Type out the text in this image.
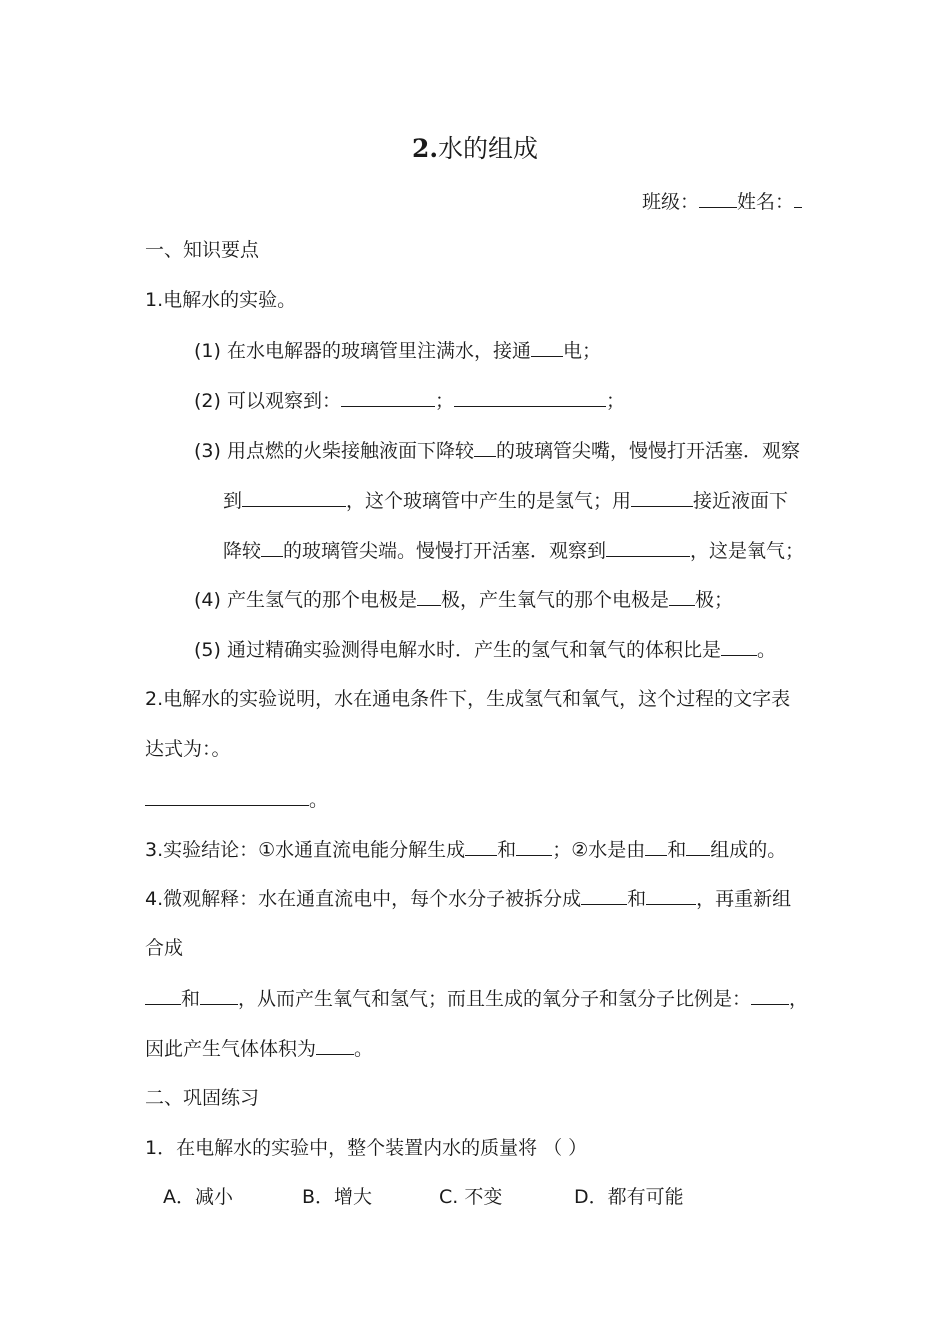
2.水的组成
班级： 姓名：
一、知识要点
1.电解水的实验。
(1) 在水电解器的玻璃管里注满水，接通 电；
(2) 可以观察到：	；	；
(3) 用点燃的火柴接触液面下降较 的玻璃管尖嘴，慢慢打开活塞．观察
到	，这个玻璃管中产生的是氢气；用	接近液面下
降较 的玻璃管尖端。慢慢打开活塞．观察到	，这是氧气；
(4) 产生氢气的那个电极是 极，产生氧气的那个电极是 极；
(5) 通过精确实验测得电解水时．产生的氢气和氧气的体积比是 。
2.电解水的实验说明，水在通电条件下，生成氢气和氧气，这个过程的文字表
达式为：。
。
3.实验结论：①水通直流电能分解生成 和 ；②水是由 和 组成的。
4.微观解释：水在通直流电中，每个水分子被拆分成 和	，再重新组
合成
和 ，从而产生氧气和氢气；而且生成的氧分子和氢分子比例是： ，
因此产生气体体积为 。
二、巩固练习
1．在电解水的实验中，整个装置内水的质量将 （ ）
A．减小	B．增大	C. 不变	D．都有可能
